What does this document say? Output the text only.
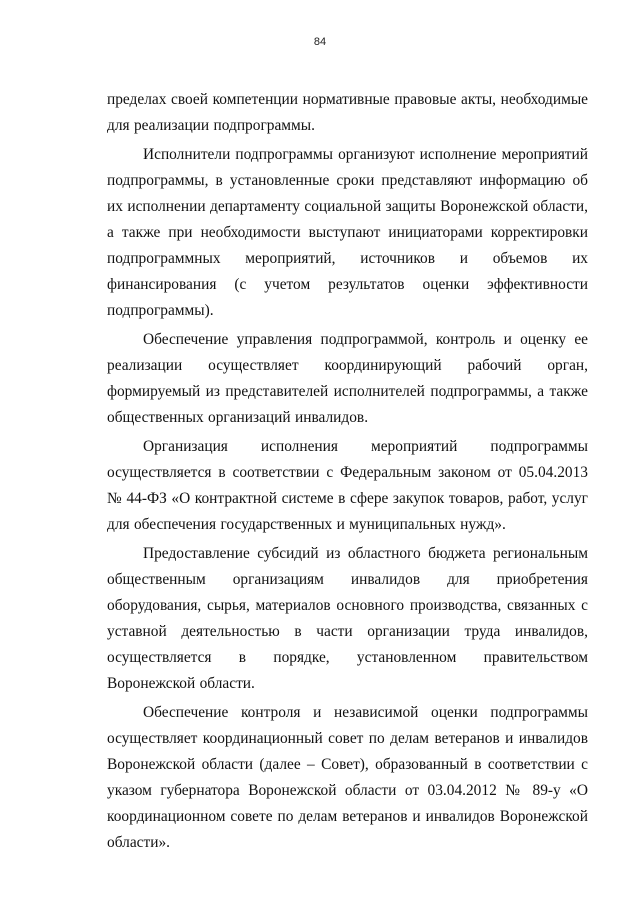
84

пределах своей компетенции нормативные правовые акты, необходимые для реализации подпрограммы.

Исполнители подпрограммы организуют исполнение мероприятий подпрограммы, в установленные сроки представляют информацию об их исполнении департаменту социальной защиты Воронежской области, а также при необходимости выступают инициаторами корректировки подпрограммных мероприятий, источников и объемов их финансирования (с учетом результатов оценки эффективности подпрограммы).

Обеспечение управления подпрограммой, контроль и оценку ее реализации осуществляет координирующий рабочий орган, формируемый из представителей исполнителей подпрограммы, а также общественных организаций инвалидов.

Организация исполнения мероприятий подпрограммы осуществляется в соответствии с Федеральным законом от 05.04.2013 № 44-ФЗ «О контрактной системе в сфере закупок товаров, работ, услуг для обеспечения государственных и муниципальных нужд».

Предоставление субсидий из областного бюджета региональным общественным организациям инвалидов для приобретения оборудования, сырья, материалов основного производства, связанных с уставной деятельностью в части организации труда инвалидов, осуществляется в порядке, установленном правительством Воронежской области.

Обеспечение контроля и независимой оценки подпрограммы осуществляет координационный совет по делам ветеранов и инвалидов Воронежской области (далее – Совет), образованный в соответствии с указом губернатора Воронежской области от 03.04.2012 № 89-у «О координационном совете по делам ветеранов и инвалидов Воронежской области».
